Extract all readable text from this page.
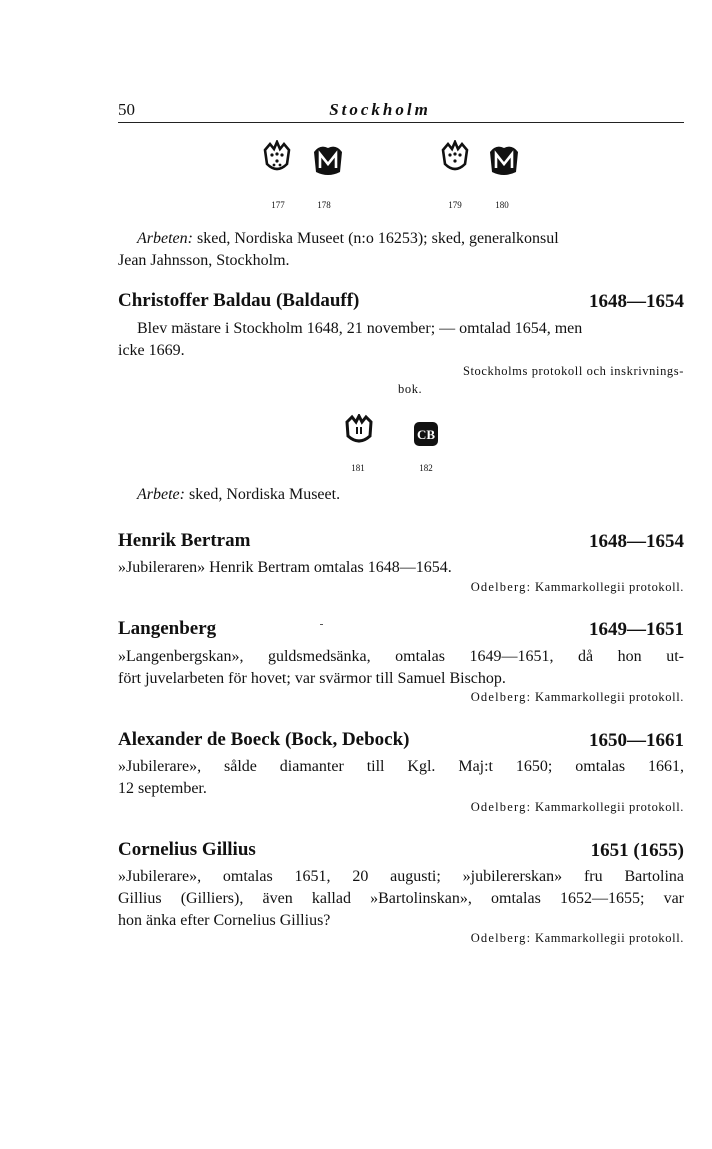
50	Stockholm
177	178	179	180
Arbeten: sked, Nordiska Museet (n:o 16253); sked, generalkonsul
Jean Jahnsson, Stockholm.
Christoffer Baldau (Baldauff)	1648—1654
Blev mästare i Stockholm 1648, 21 november; — omtalad 1654, men
icke 1669.
Stockholms protokoll och inskrivnings-
bok.
CB
181	182
Arbete: sked, Nordiska Museet.
Henrik Bertram	1648—1654
»Jubileraren» Henrik Bertram omtalas 1648—1654.
Odelberg: Kammarkollegii protokoll.
Langenberg	1649—1651
»Langenbergskan», guldsmedsänka, omtalas 1649—1651, då hon ut-
fört juvelarbeten för hovet; var svärmor till Samuel Bischop.
Odelberg: Kammarkollegii protokoll.
Alexander de Boeck (Bock, Debock)	1650—1661
»Jubilerare», sålde diamanter till Kgl. Maj:t 1650; omtalas 1661,
12 september.
Odelberg: Kammarkollegii protokoll.
Cornelius Gillius	1651 (1655)
»Jubilerare», omtalas 1651, 20 augusti; »jubilererskan» fru Bartolina
Gillius (Gilliers), även kallad »Bartolinskan», omtalas 1652—1655; var
hon änka efter Cornelius Gillius?
Odelberg: Kammarkollegii protokoll.
